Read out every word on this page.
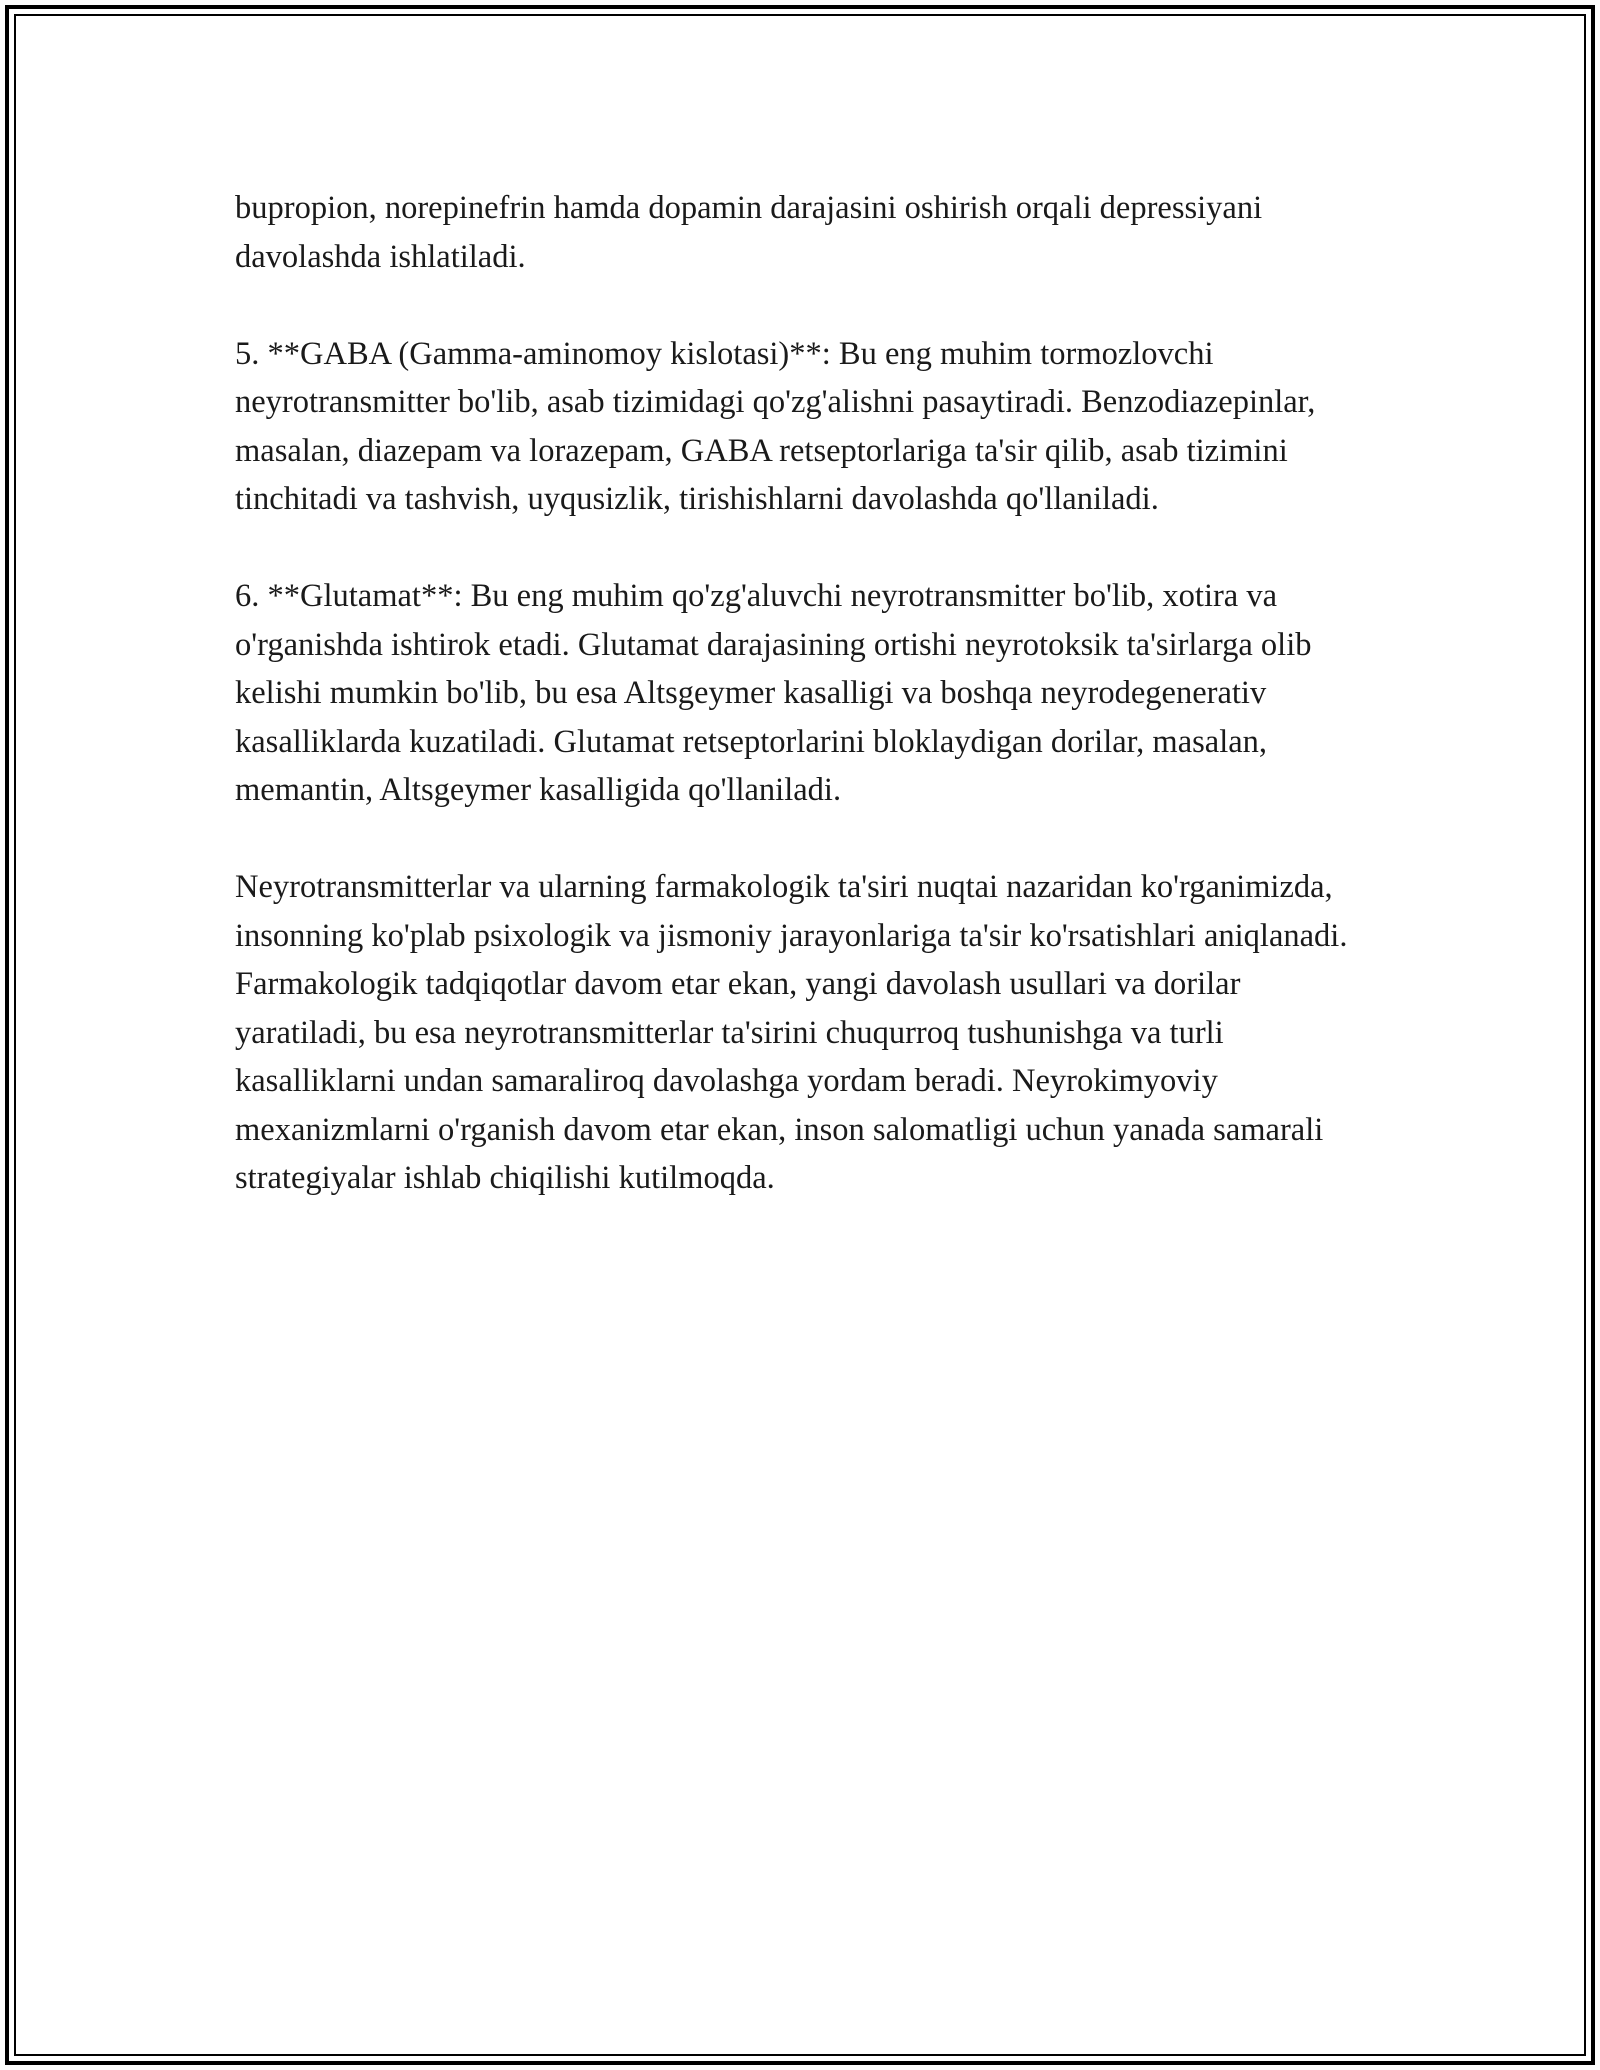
bupropion, norepinefrin hamda dopamin darajasini oshirish orqali depressiyani davolashda ishlatiladi.

5. **GABA (Gamma-aminomoy kislotasi)**: Bu eng muhim tormozlovchi neyrotransmitter bo'lib, asab tizimidagi qo'zg'alishni pasaytiradi. Benzodiazepinlar, masalan, diazepam va lorazepam, GABA retseptorlariga ta'sir qilib, asab tizimini tinchitadi va tashvish, uyqusizlik, tirishishlarni davolashda qo'llaniladi.

6. **Glutamat**: Bu eng muhim qo'zg'aluvchi neyrotransmitter bo'lib, xotira va o'rganishda ishtirok etadi. Glutamat darajasining ortishi neyrotoksik ta'sirlarga olib kelishi mumkin bo'lib, bu esa Altsgeymer kasalligi va boshqa neyrodegenerativ kasalliklarda kuzatiladi. Glutamat retseptorlarini bloklaydigan dorilar, masalan, memantin, Altsgeymer kasalligida qo'llaniladi.

Neyrotransmitterlar va ularning farmakologik ta'siri nuqtai nazaridan ko'rganimizda, insonning ko'plab psixologik va jismoniy jarayonlariga ta'sir ko'rsatishlari aniqlanadi. Farmakologik tadqiqotlar davom etar ekan, yangi davolash usullari va dorilar yaratiladi, bu esa neyrotransmitterlar ta'sirini chuqurroq tushunishga va turli kasalliklarni undan samaraliroq davolashga yordam beradi. Neyrokimyoviy mexanizmlarni o'rganish davom etar ekan, inson salomatligi uchun yanada samarali strategiyalar ishlab chiqilishi kutilmoqda.
